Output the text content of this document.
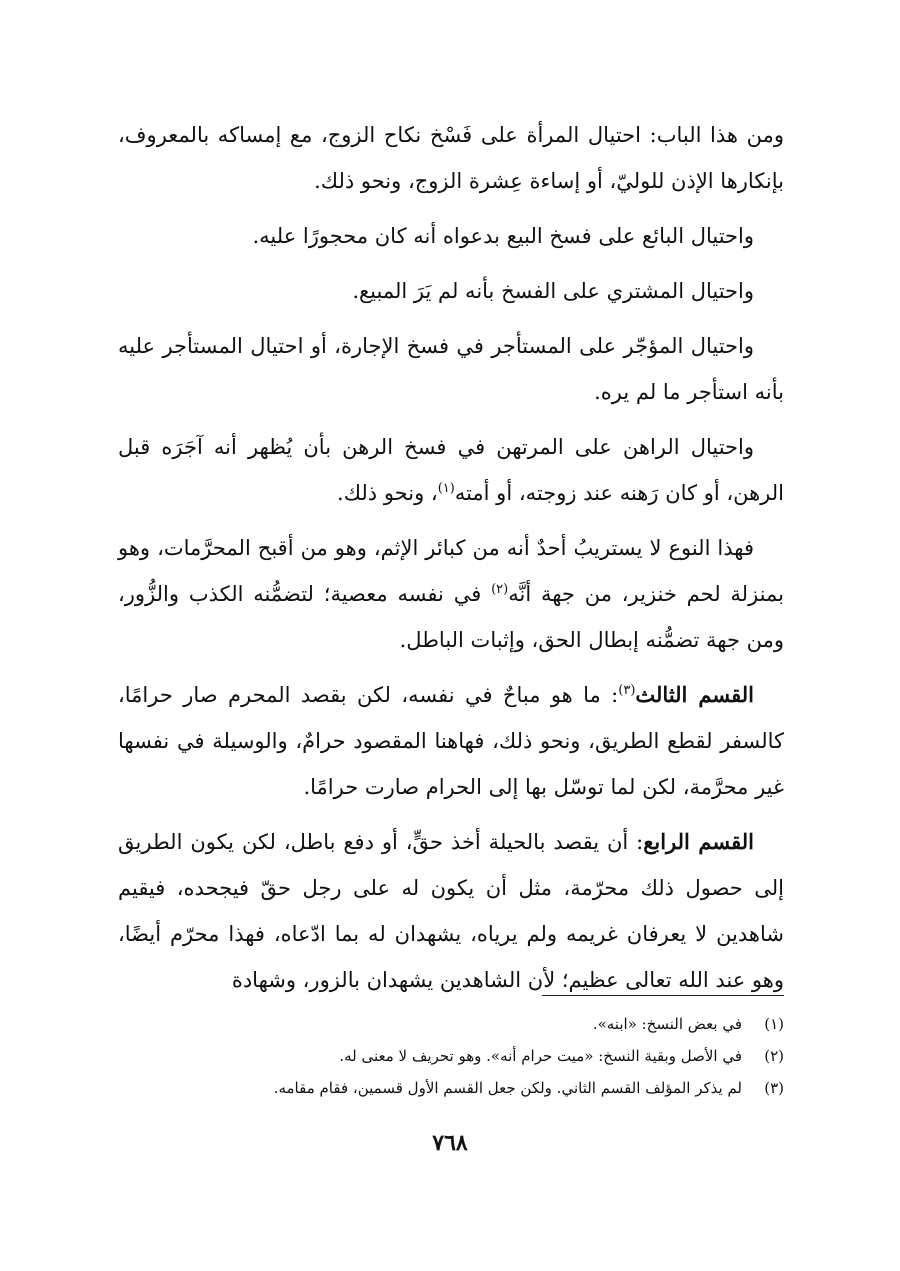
ومن هذا الباب: احتيال المرأة على فَسْخ نكاح الزوج، مع إمساكه بالمعروف، بإنكارها الإذن للوليّ، أو إساءة عِشرة الزوج، ونحو ذلك.

واحتيال البائع على فسخ البيع بدعواه أنه كان محجورًا عليه.

واحتيال المشتري على الفسخ بأنه لم يَرَ المبيع.

واحتيال المؤجّر على المستأجر في فسخ الإجارة، أو احتيال المستأجر عليه بأنه استأجر ما لم يره.

واحتيال الراهن على المرتهن في فسخ الرهن بأن يُظهر أنه آجَرَه قبل الرهن، أو كان رَهنه عند زوجته، أو أمته$^{(١)}$، ونحو ذلك.

فهذا النوع لا يستريبُ أحدٌ أنه من كبائر الإثم، وهو من أقبح المحرَّمات، وهو بمنزلة لحم خنزير، من جهة أنَّه$^{(٢)}$ في نفسه معصية؛ لتضمُّنه الكذب والزُّور، ومن جهة تضمُّنه إبطال الحق، وإثبات الباطل.

القسم الثالث$^{(٣)}$: ما هو مباحٌ في نفسه، لكن بقصد المحرم صار حرامًا، كالسفر لقطع الطريق، ونحو ذلك، فهاهنا المقصود حرامٌ، والوسيلة في نفسها غير محرَّمة، لكن لما توسّل بها إلى الحرام صارت حرامًا.

القسم الرابع: أن يقصد بالحيلة أخذ حقٍّ، أو دفع باطل، لكن يكون الطريق إلى حصول ذلك محرّمة، مثل أن يكون له على رجل حقّ فيجحده، فيقيم شاهدين لا يعرفان غريمه ولم يرياه، يشهدان له بما ادّعاه، فهذا محرّم أيضًا، وهو عند الله تعالى عظيم؛ لأن الشاهدين يشهدان بالزور، وشهادة

(١)
في بعض النسخ: «ابنه».
(٢)
في الأصل وبقية النسخ: «ميت حرام أنه». وهو تحريف لا معنى له.
(٣)
لم يذكر المؤلف القسم الثاني. ولكن جعل القسم الأول قسمين، فقام مقامه.
٧٦٨
